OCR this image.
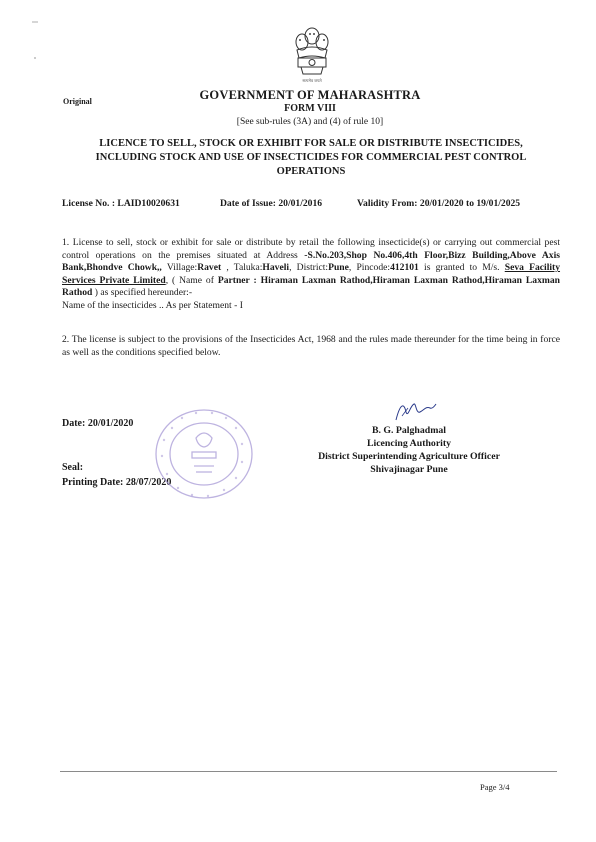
सत्यमेव जयते
Original	GOVERNMENT OF MAHARASHTRA
FORM VIII
[See sub-rules (3A) and (4) of rule 10]
LICENCE TO SELL, STOCK OR EXHIBIT FOR SALE OR DISTRIBUTE INSECTICIDES,
INCLUDING STOCK AND USE OF INSECTICIDES FOR COMMERCIAL PEST CONTROL
OPERATIONS
License No. : LAID10020631	Date of Issue: 20/01/2016	Validity From: 20/01/2020 to 19/01/2025
1. License to sell, stock or exhibit for sale or distribute by retail the following insecticide(s) or carrying out commercial pest control operations on the premises situated at Address -S.No.203,Shop No.406,4th Floor,Bizz Building,Above Axis Bank,Bhondve Chowk,, Village:Ravet , Taluka:Haveli, District:Pune, Pincode:412101 is granted to M/s. Seva Facility Services Private Limited, ( Name of Partner : Hiraman Laxman Rathod,Hiraman Laxman Rathod,Hiraman Laxman Rathod ) as specified hereunder:-
Name of the insecticides .. As per Statement - I
2. The license is subject to the provisions of the Insecticides Act, 1968 and the rules made thereunder for the time being in force as well as the conditions specified below.
Date: 20/01/2020
Seal:
Printing Date: 28/07/2020
B. G. Palghadmal
Licencing Authority
District Superintending Agriculture Officer
Shivajinagar Pune
Page 3/4
